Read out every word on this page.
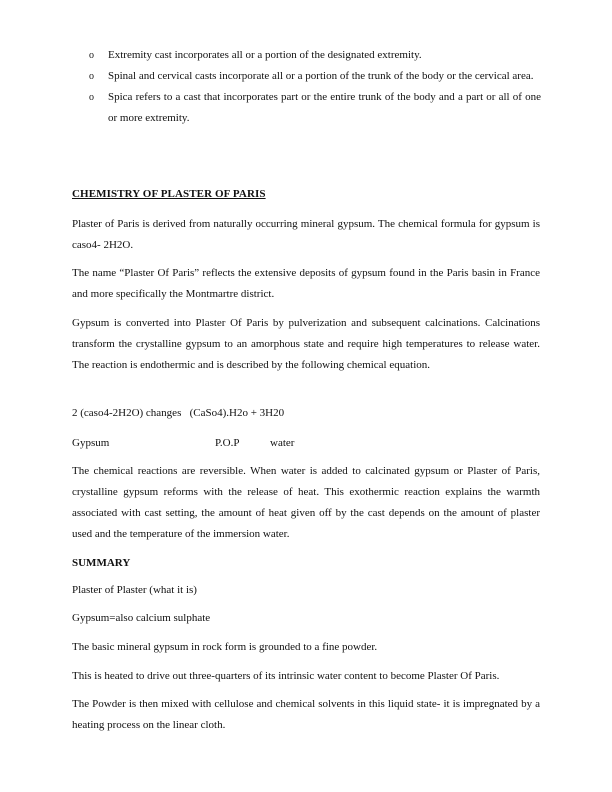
o Extremity cast incorporates all or a portion of the designated extremity.
o Spinal and cervical casts incorporate all or a portion of the trunk of the body or the cervical area.
o Spica refers to a cast that incorporates part or the entire trunk of the body and a part or all of one or more extremity.
CHEMISTRY OF PLASTER OF PARIS

Plaster of Paris is derived from naturally occurring mineral gypsum. The chemical formula for gypsum is caso4- 2H2O.

The name “Plaster Of Paris” reflects the extensive deposits of gypsum found in the Paris basin in France and more specifically the Montmartre district.

Gypsum is converted into Plaster Of Paris by pulverization and subsequent calcinations. Calcinations transform the crystalline gypsum to an amorphous state and require high temperatures to release water. The reaction is endothermic and is described by the following chemical equation.

2 (caso4-2H2O) changes   (CaSo4).H2o + 3H20
Gypsum	P.O.P	water

The chemical reactions are reversible. When water is added to calcinated gypsum or Plaster of Paris, crystalline gypsum reforms with the release of heat. This exothermic reaction explains the warmth associated with cast setting, the amount of heat given off by the cast depends on the amount of plaster used and the temperature of the immersion water.

SUMMARY

Plaster of Plaster (what it is)

Gypsum=also calcium sulphate

The basic mineral gypsum in rock form is grounded to a fine powder.

This is heated to drive out three-quarters of its intrinsic water content to become Plaster Of Paris.

The Powder is then mixed with cellulose and chemical solvents in this liquid state- it is impregnated by a heating process on the linear cloth.
